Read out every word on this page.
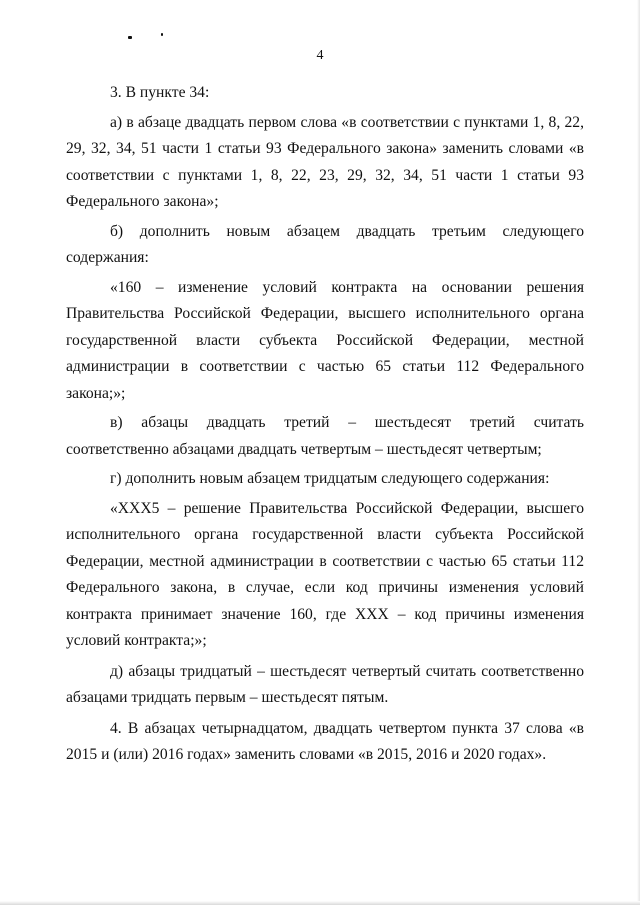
4

3. В пункте 34:

а) в абзаце двадцать первом слова «в соответствии с пунктами 1, 8, 22, 29, 32, 34, 51 части 1 статьи 93 Федерального закона» заменить словами «в соответствии с пунктами 1, 8, 22, 23, 29, 32, 34, 51 части 1 статьи 93 Федерального закона»;

б) дополнить новым абзацем двадцать третьим следующего содержания:

«160 – изменение условий контракта на основании решения Правительства Российской Федерации, высшего исполнительного органа государственной власти субъекта Российской Федерации, местной администрации в соответствии с частью 65 статьи 112 Федерального закона;»;

в) абзацы двадцать третий – шестьдесят третий считать соответственно абзацами двадцать четвертым – шестьдесят четвертым;

г) дополнить новым абзацем тридцатым следующего содержания:

«XXX5 – решение Правительства Российской Федерации, высшего исполнительного органа государственной власти субъекта Российской Федерации, местной администрации в соответствии с частью 65 статьи 112 Федерального закона, в случае, если код причины изменения условий контракта принимает значение 160, где XXX – код причины изменения условий контракта;»;

д) абзацы тридцатый – шестьдесят четвертый считать соответственно абзацами тридцать первым – шестьдесят пятым.

4. В абзацах четырнадцатом, двадцать четвертом пункта 37 слова «в 2015 и (или) 2016 годах» заменить словами «в 2015, 2016 и 2020 годах».
